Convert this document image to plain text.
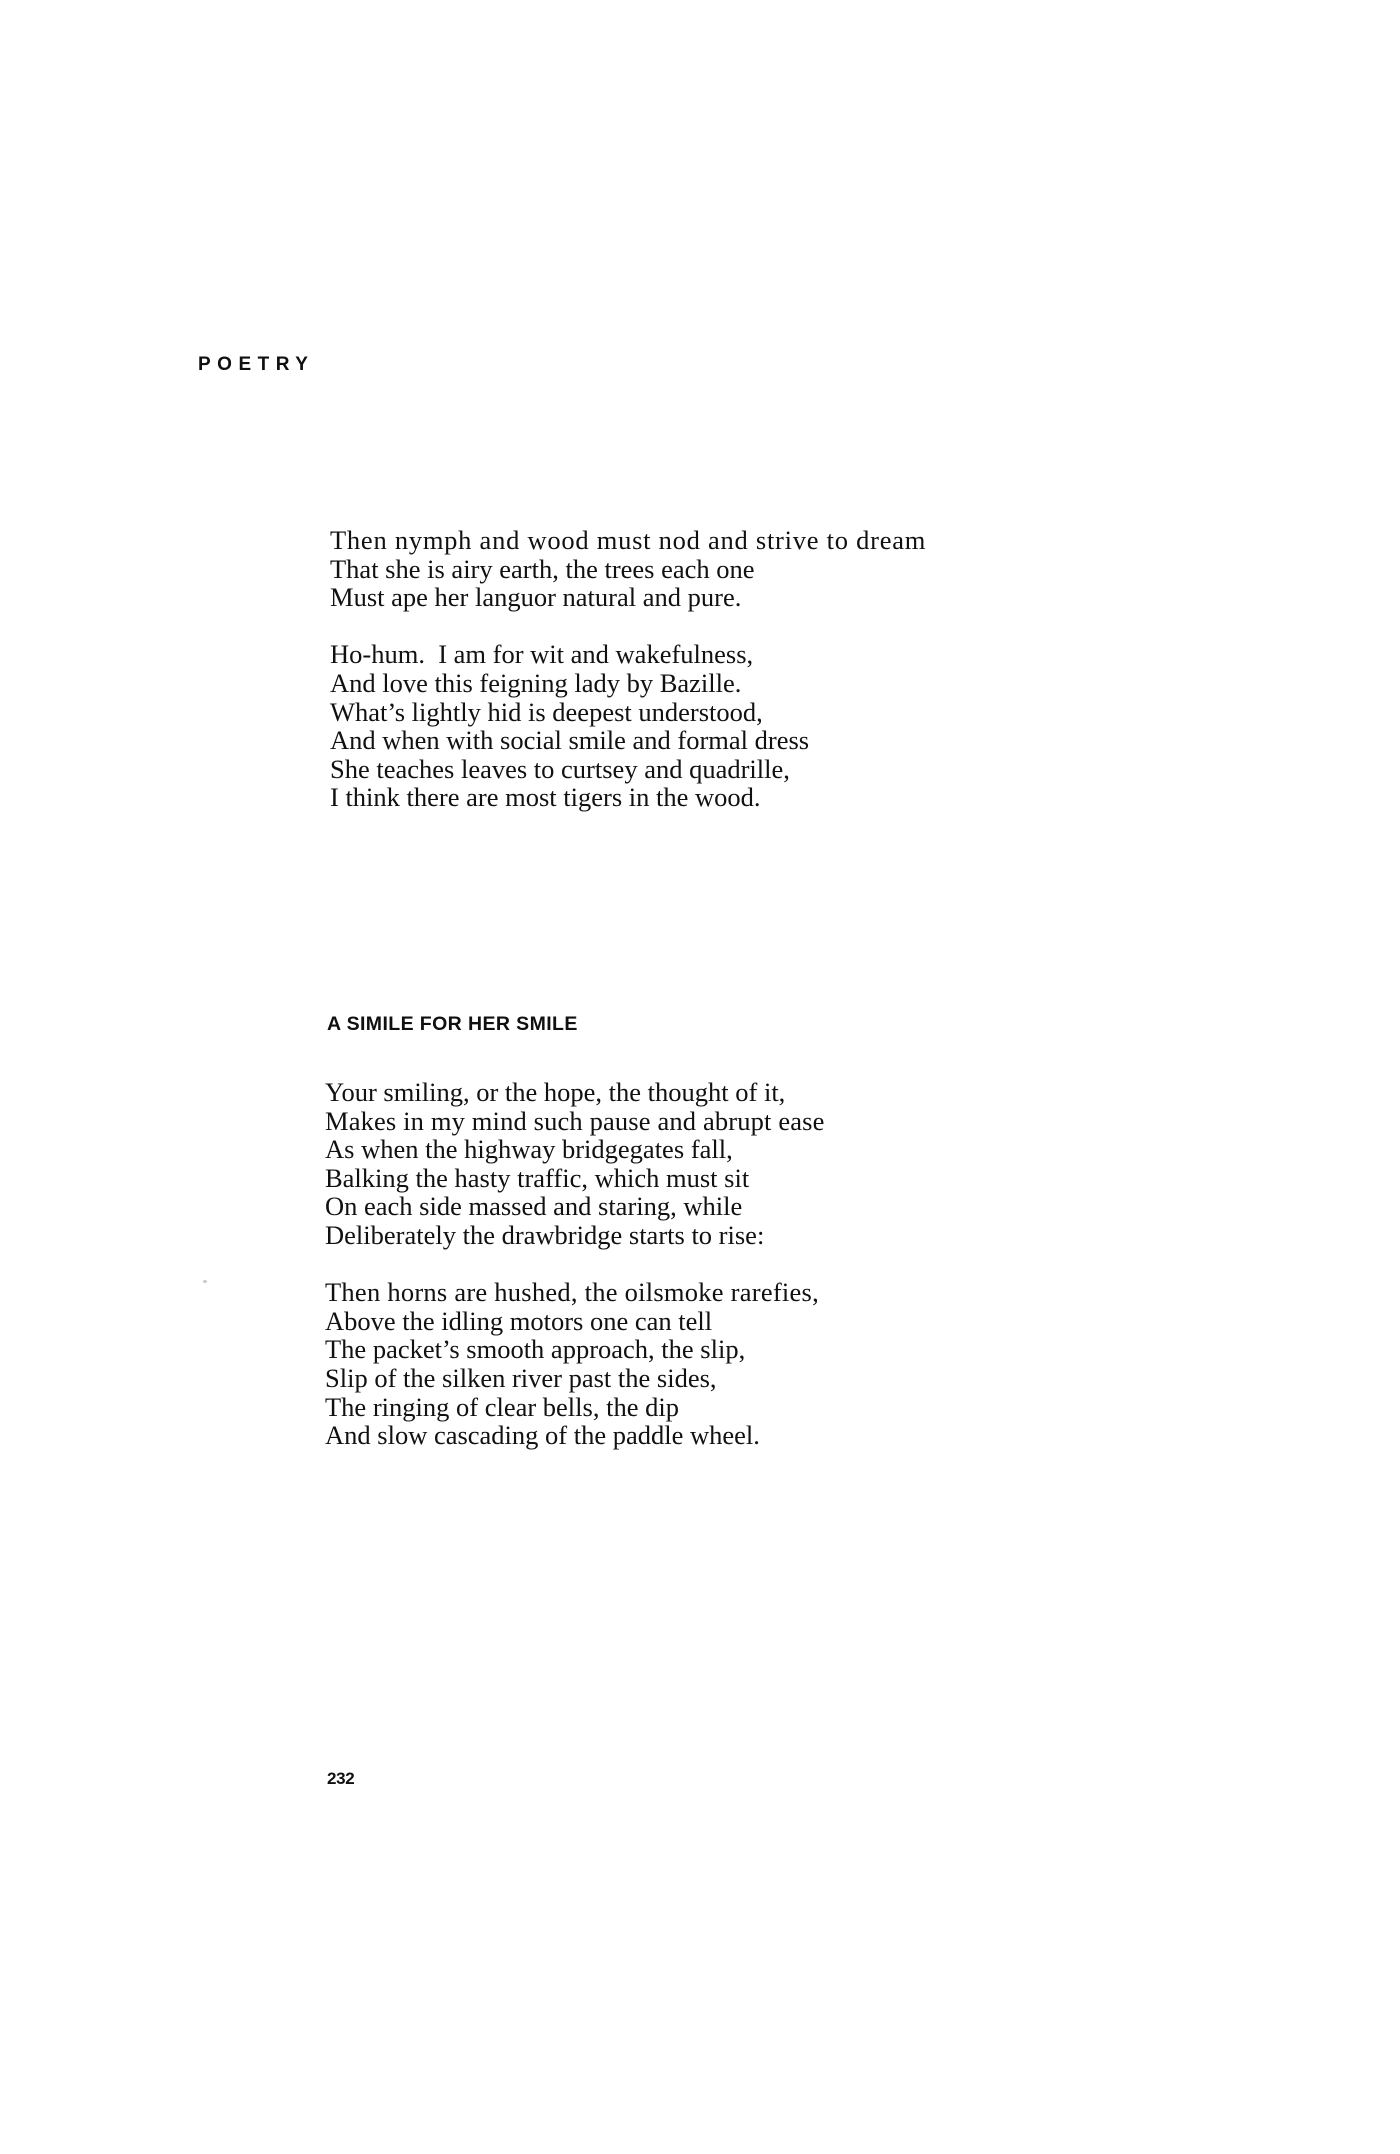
POETRY
Then nymph and wood must nod and strive to dream
That she is airy earth, the trees each one
Must ape her languor natural and pure.
Ho-hum.  I am for wit and wakefulness,
And love this feigning lady by Bazille.
What’s lightly hid is deepest understood,
And when with social smile and formal dress
She teaches leaves to curtsey and quadrille,
I think there are most tigers in the wood.
A SIMILE FOR HER SMILE
Your smiling, or the hope, the thought of it,
Makes in my mind such pause and abrupt ease
As when the highway bridgegates fall,
Balking the hasty traffic, which must sit
On each side massed and staring, while
Deliberately the drawbridge starts to rise:
Then horns are hushed, the oilsmoke rarefies,
Above the idling motors one can tell
The packet’s smooth approach, the slip,
Slip of the silken river past the sides,
The ringing of clear bells, the dip
And slow cascading of the paddle wheel.
232
